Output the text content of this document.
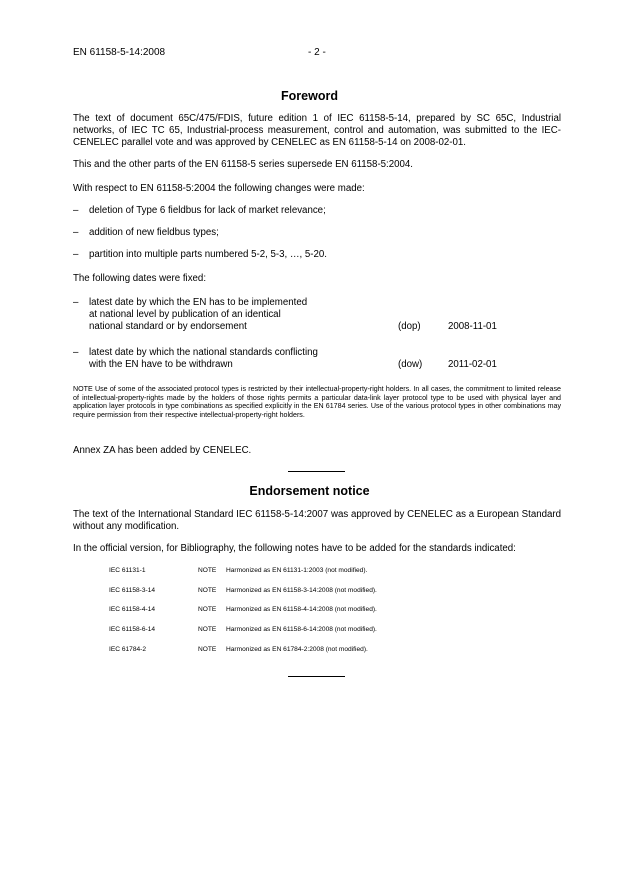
EN 61158-5-14:2008	- 2 -
Foreword
The text of document 65C/475/FDIS, future edition 1 of IEC 61158-5-14, prepared by SC 65C, Industrial networks, of IEC TC 65, Industrial-process measurement, control and automation, was submitted to the IEC-CENELEC parallel vote and was approved by CENELEC as EN 61158-5-14 on 2008-02-01.
This and the other parts of the EN 61158-5 series supersede EN 61158-5:2004.
With respect to EN 61158-5:2004 the following changes were made:
– deletion of Type 6 fieldbus for lack of market relevance;
– addition of new fieldbus types;
– partition into multiple parts numbered 5-2, 5-3, …, 5-20.
The following dates were fixed:
– latest date by which the EN has to be implemented
at national level by publication of an identical
national standard or by endorsement	(dop)	2008-11-01
– latest date by which the national standards conflicting
with the EN have to be withdrawn	(dow)	2011-02-01
NOTE Use of some of the associated protocol types is restricted by their intellectual-property-right holders. In all cases, the commitment to limited release of intellectual-property-rights made by the holders of those rights permits a particular data-link layer protocol type to be used with physical layer and application layer protocols in type combinations as specified explicitly in the EN 61784 series. Use of the various protocol types in other combinations may require permission from their respective intellectual-property-right holders.
Annex ZA has been added by CENELEC.
Endorsement notice
The text of the International Standard IEC 61158-5-14:2007 was approved by CENELEC as a European Standard without any modification.
In the official version, for Bibliography, the following notes have to be added for the standards indicated:
IEC 61131-1	NOTE Harmonized as EN 61131-1:2003 (not modified).
IEC 61158-3-14	NOTE Harmonized as EN 61158-3-14:2008 (not modified).
IEC 61158-4-14	NOTE Harmonized as EN 61158-4-14:2008 (not modified).
IEC 61158-6-14	NOTE Harmonized as EN 61158-6-14:2008 (not modified).
IEC 61784-2	NOTE Harmonized as EN 61784-2:2008 (not modified).
